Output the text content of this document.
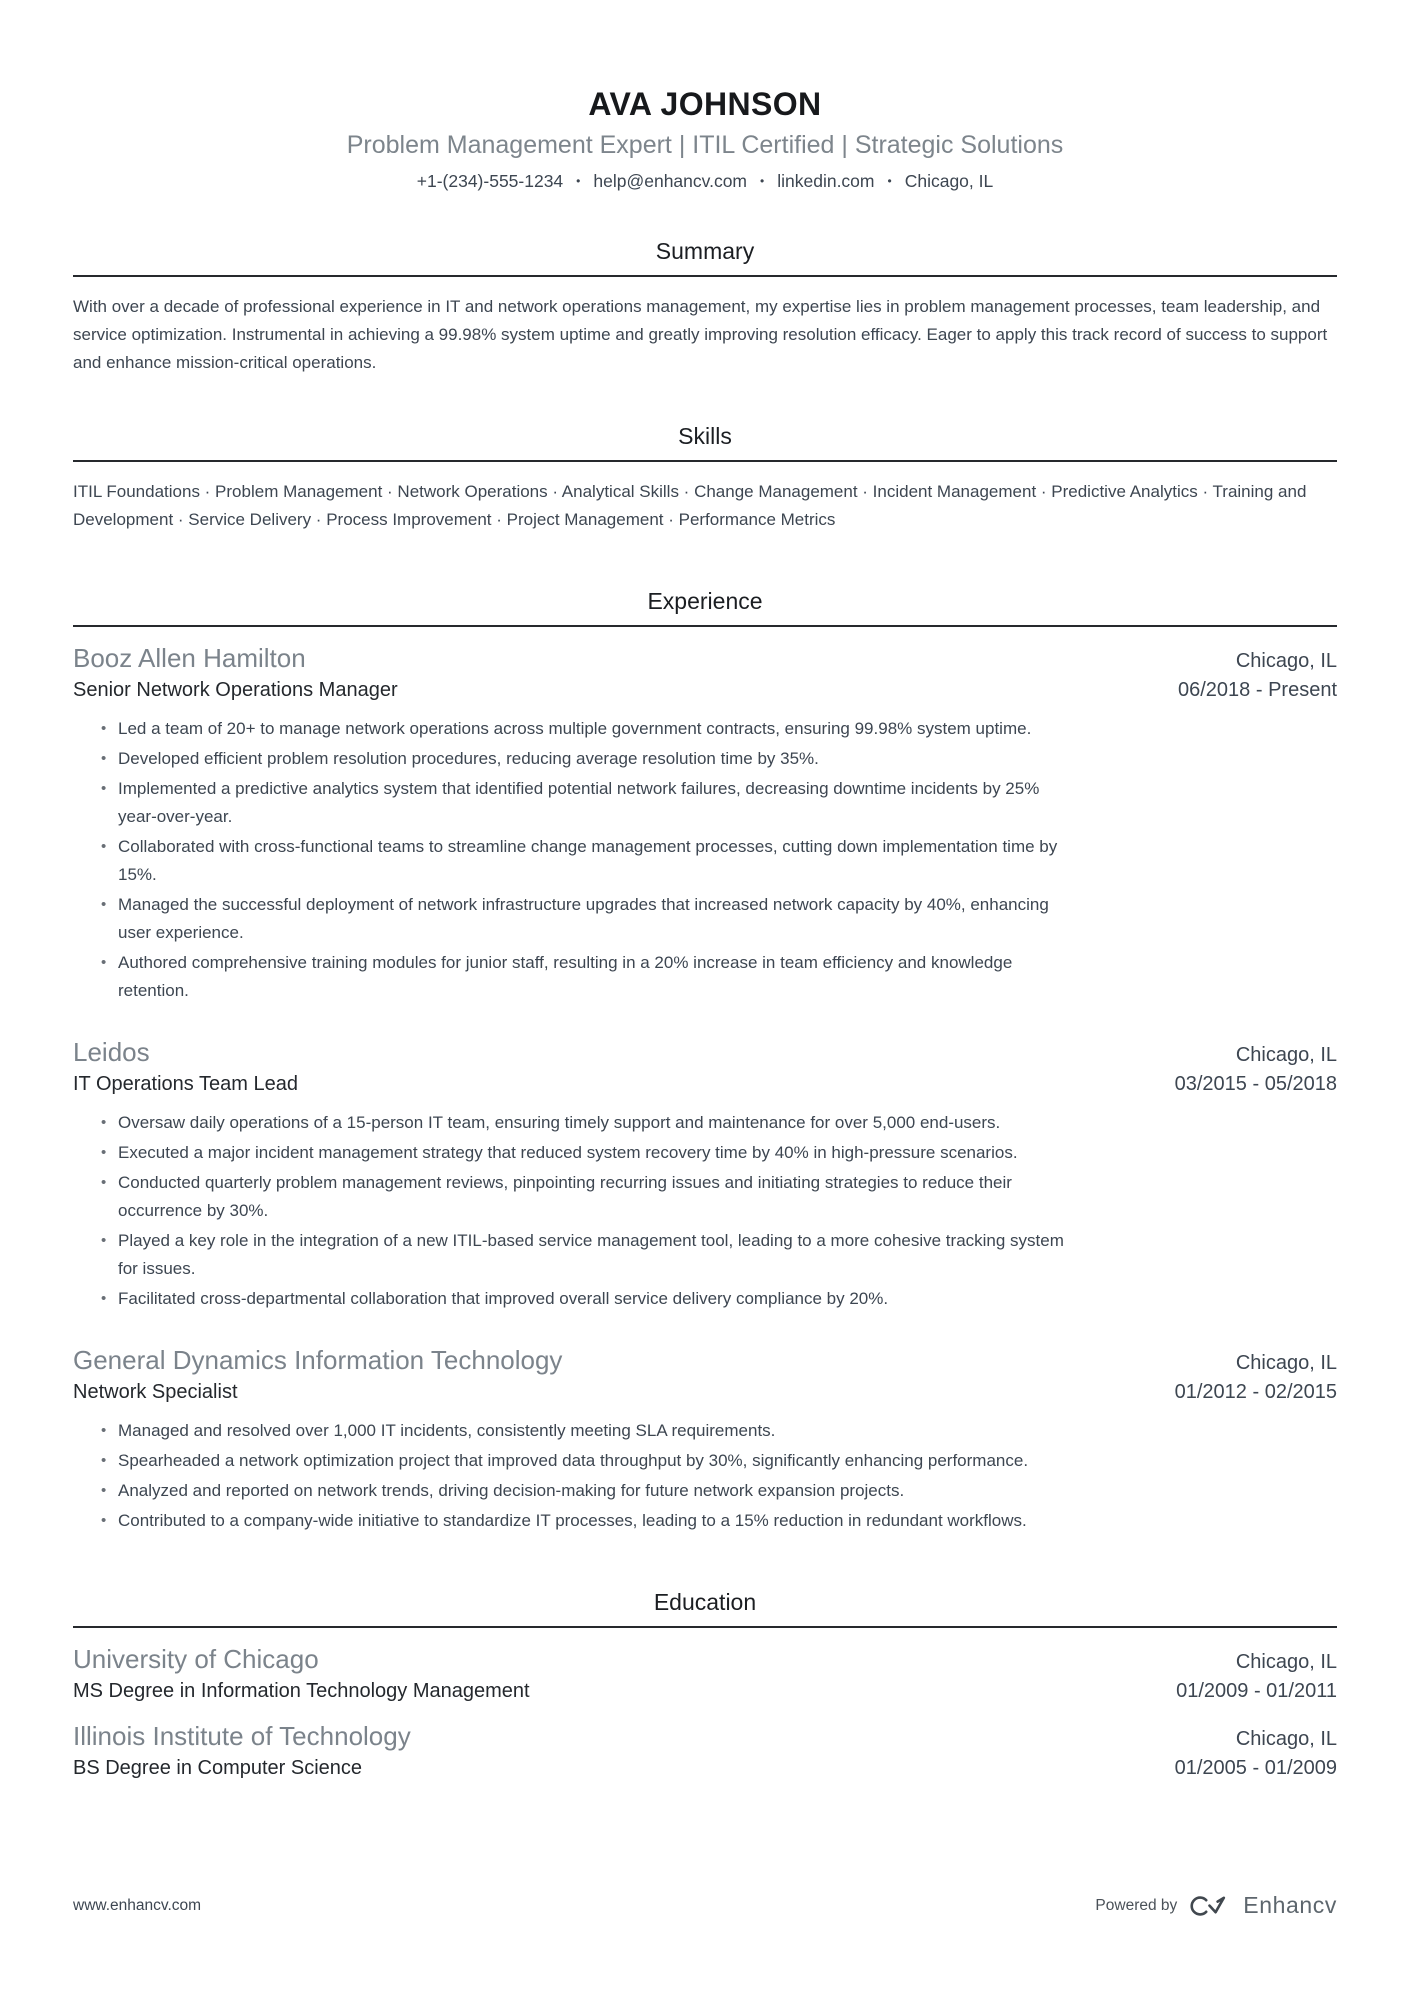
AVA JOHNSON
Problem Management Expert | ITIL Certified | Strategic Solutions
+1-(234)-555-1234 • help@enhancv.com • linkedin.com • Chicago, IL
Summary

With over a decade of professional experience in IT and network operations management, my expertise lies in problem management processes, team leadership, and service optimization. Instrumental in achieving a 99.98% system uptime and greatly improving resolution efficacy. Eager to apply this track record of success to support and enhance mission-critical operations.

Skills

ITIL Foundations · Problem Management · Network Operations · Analytical Skills · Change Management · Incident Management · Predictive Analytics · Training and Development · Service Delivery · Process Improvement · Project Management · Performance Metrics

Experience
Booz Allen Hamilton	Chicago, IL
Senior Network Operations Manager	06/2018 - Present
• Led a team of 20+ to manage network operations across multiple government contracts, ensuring 99.98% system uptime.
• Developed efficient problem resolution procedures, reducing average resolution time by 35%.
• Implemented a predictive analytics system that identified potential network failures, decreasing downtime incidents by 25% year-over-year.
• Collaborated with cross-functional teams to streamline change management processes, cutting down implementation time by 15%.
• Managed the successful deployment of network infrastructure upgrades that increased network capacity by 40%, enhancing user experience.
• Authored comprehensive training modules for junior staff, resulting in a 20% increase in team efficiency and knowledge retention.
Leidos	Chicago, IL
IT Operations Team Lead	03/2015 - 05/2018
• Oversaw daily operations of a 15-person IT team, ensuring timely support and maintenance for over 5,000 end-users.
• Executed a major incident management strategy that reduced system recovery time by 40% in high-pressure scenarios.
• Conducted quarterly problem management reviews, pinpointing recurring issues and initiating strategies to reduce their occurrence by 30%.
• Played a key role in the integration of a new ITIL-based service management tool, leading to a more cohesive tracking system for issues.
• Facilitated cross-departmental collaboration that improved overall service delivery compliance by 20%.
General Dynamics Information Technology	Chicago, IL
Network Specialist	01/2012 - 02/2015
• Managed and resolved over 1,000 IT incidents, consistently meeting SLA requirements.
• Spearheaded a network optimization project that improved data throughput by 30%, significantly enhancing performance.
• Analyzed and reported on network trends, driving decision-making for future network expansion projects.
• Contributed to a company-wide initiative to standardize IT processes, leading to a 15% reduction in redundant workflows.
Education
University of Chicago	Chicago, IL
MS Degree in Information Technology Management	01/2009 - 01/2011
Illinois Institute of Technology	Chicago, IL
BS Degree in Computer Science	01/2005 - 01/2009
www.enhancv.com	Powered by	Enhancv
